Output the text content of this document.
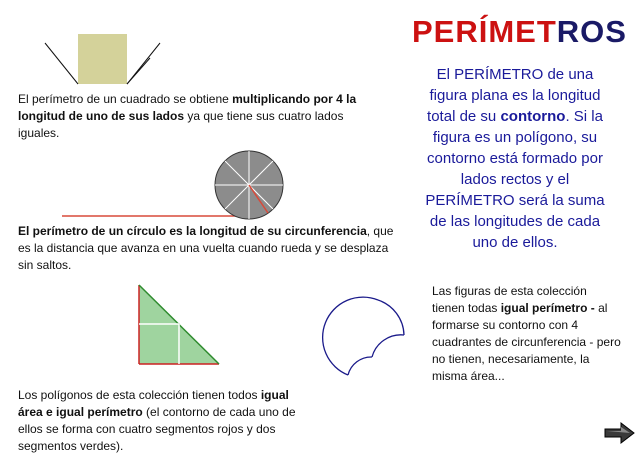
PERÍMETROS
El PERÍMETRO de una figura plana es la longitud total de su contorno. Si la figura es un polígono, su contorno está formado por lados rectos y el PERÍMETRO será la suma de las longitudes de cada uno de ellos.
Las figuras de esta colección tienen todas igual perímetro - al formarse su contorno con 4 cuadrantes de circunferencia - pero no tienen, necesariamente, la misma área...
El perímetro de un cuadrado se obtiene multiplicando por 4 la longitud de uno de sus lados ya que tiene sus cuatro lados iguales.
El perímetro de un círculo es la longitud de su circunferencia, que es la distancia que avanza en una vuelta cuando rueda y se desplaza sin saltos.
Los polígonos de esta colección tienen todos igual área e igual perímetro (el contorno de cada uno de ellos se forma con cuatro segmentos rojos y dos segmentos verdes).
